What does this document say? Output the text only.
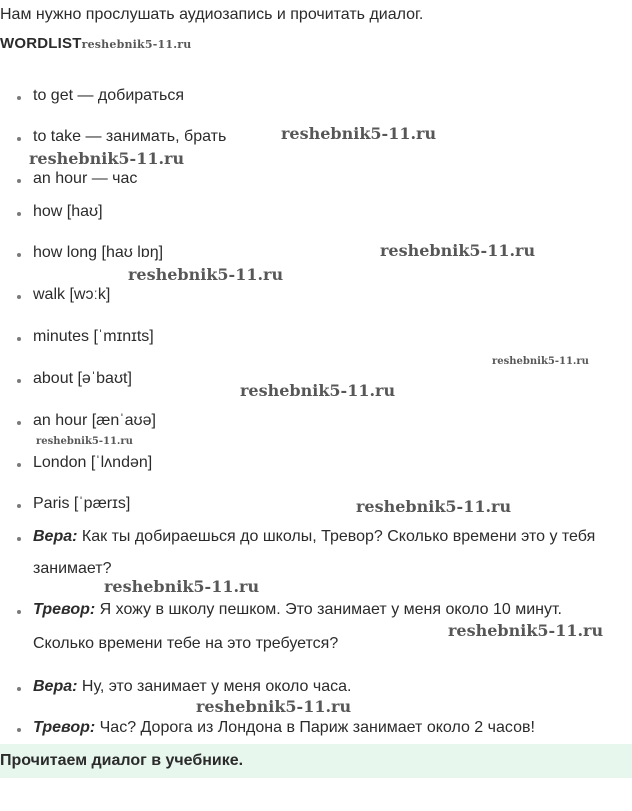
Нам нужно прослушать аудиозапись и прочитать диалог.
WORDLISTreshebnik5-11.ru
to get — добираться
to take — занимать, брать
an hour — час
how [haʊ]
how long [haʊ lɒŋ]
walk [wɔːk]
minutes [ˈmɪnɪts]
about [əˈbaʊt]
an hour [ænˈaʊə]
London [ˈlʌndən]
Paris [ˈpærɪs]
Вера: Как ты добираешься до школы, Тревор? Сколько времени это у тебя
занимает?
Тревор: Я хожу в школу пешком. Это занимает у меня около 10 минут.
Сколько времени тебе на это требуется?
Вера: Ну, это занимает у меня около часа.
Тревор: Час? Дорога из Лондона в Париж занимает около 2 часов!
Прочитаем диалог в учебнике.
reshebnik5-11.ru
reshebnik5-11.ru
reshebnik5-11.ru
reshebnik5-11.ru
reshebnik5-11.ru
reshebnik5-11.ru
reshebnik5-11.ru
reshebnik5-11.ru
reshebnik5-11.ru
reshebnik5-11.ru
reshebnik5-11.ru
